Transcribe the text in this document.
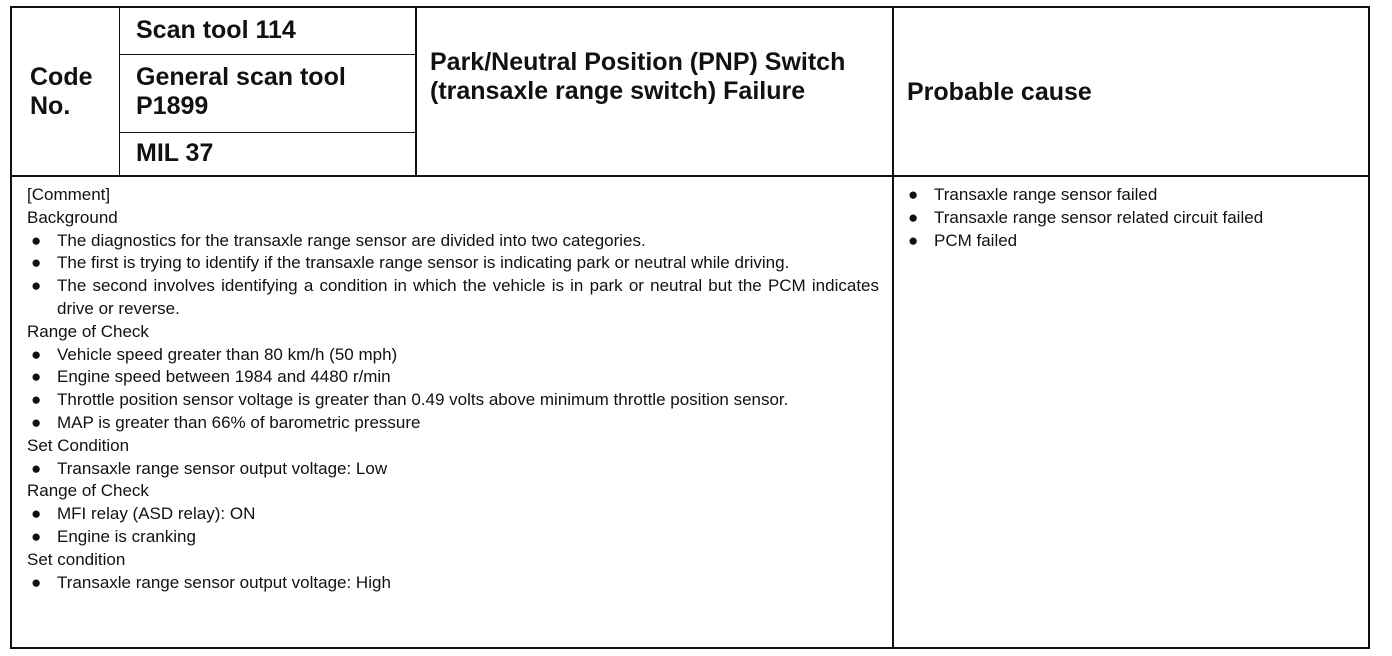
Code
No.
Scan tool 114
General scan tool
P1899
MIL 37
Park/Neutral Position (PNP) Switch (transaxle range switch) Failure	Probable cause
[Comment]
Background
● The diagnostics for the transaxle range sensor are divided into two categories.
● The first is trying to identify if the transaxle range sensor is indicating park or neutral while driving.
● The second involves identifying a condition in which the vehicle is in park or neutral but the PCM indicates drive or reverse.
Range of Check
● Vehicle speed greater than 80 km/h (50 mph)
● Engine speed between 1984 and 4480 r/min
● Throttle position sensor voltage is greater than 0.49 volts above minimum throttle position sensor.
● MAP is greater than 66% of barometric pressure
Set Condition
● Transaxle range sensor output voltage: Low
Range of Check
● MFI relay (ASD relay): ON
● Engine is cranking
Set condition
● Transaxle range sensor output voltage: High
● Transaxle range sensor failed
● Transaxle range sensor related circuit failed
● PCM failed
